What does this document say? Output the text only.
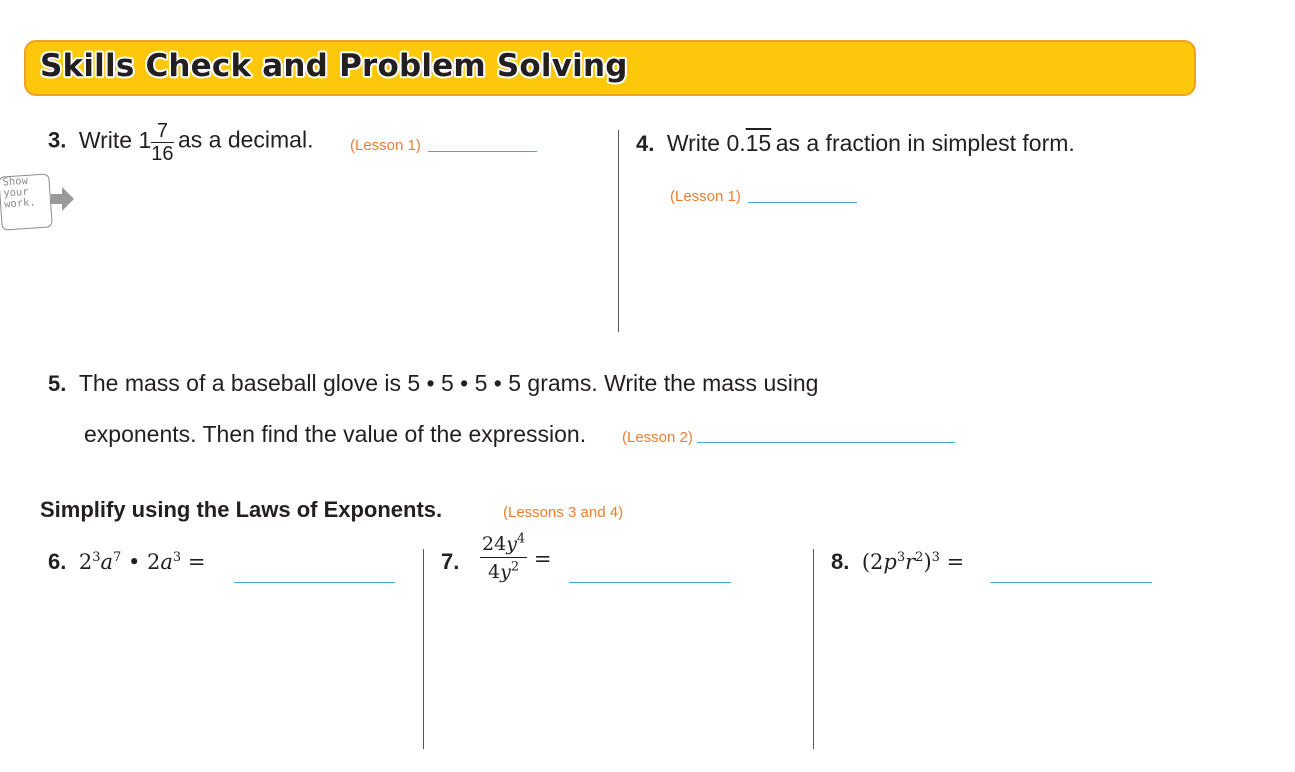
Skills Check and Problem Solving
Show
your
work.
3. Write $1 \frac{7}{16}$ as a decimal. (Lesson 1)	4. Write 0.15 as a fraction in simplest form.
(Lesson 1)
5. The mass of a baseball glove is 5 • 5 • 5 • 5 grams. Write the mass using
exponents. Then find the value of the expression. (Lesson 2)
Simplify using the Laws of Exponents.	(Lessons 3 and 4)
6. $2^3a^7$ • $2a^3$ =	7. $\frac{24y^4}{4y^2}$ =	8. $(2p^3r^2)^3$ =
